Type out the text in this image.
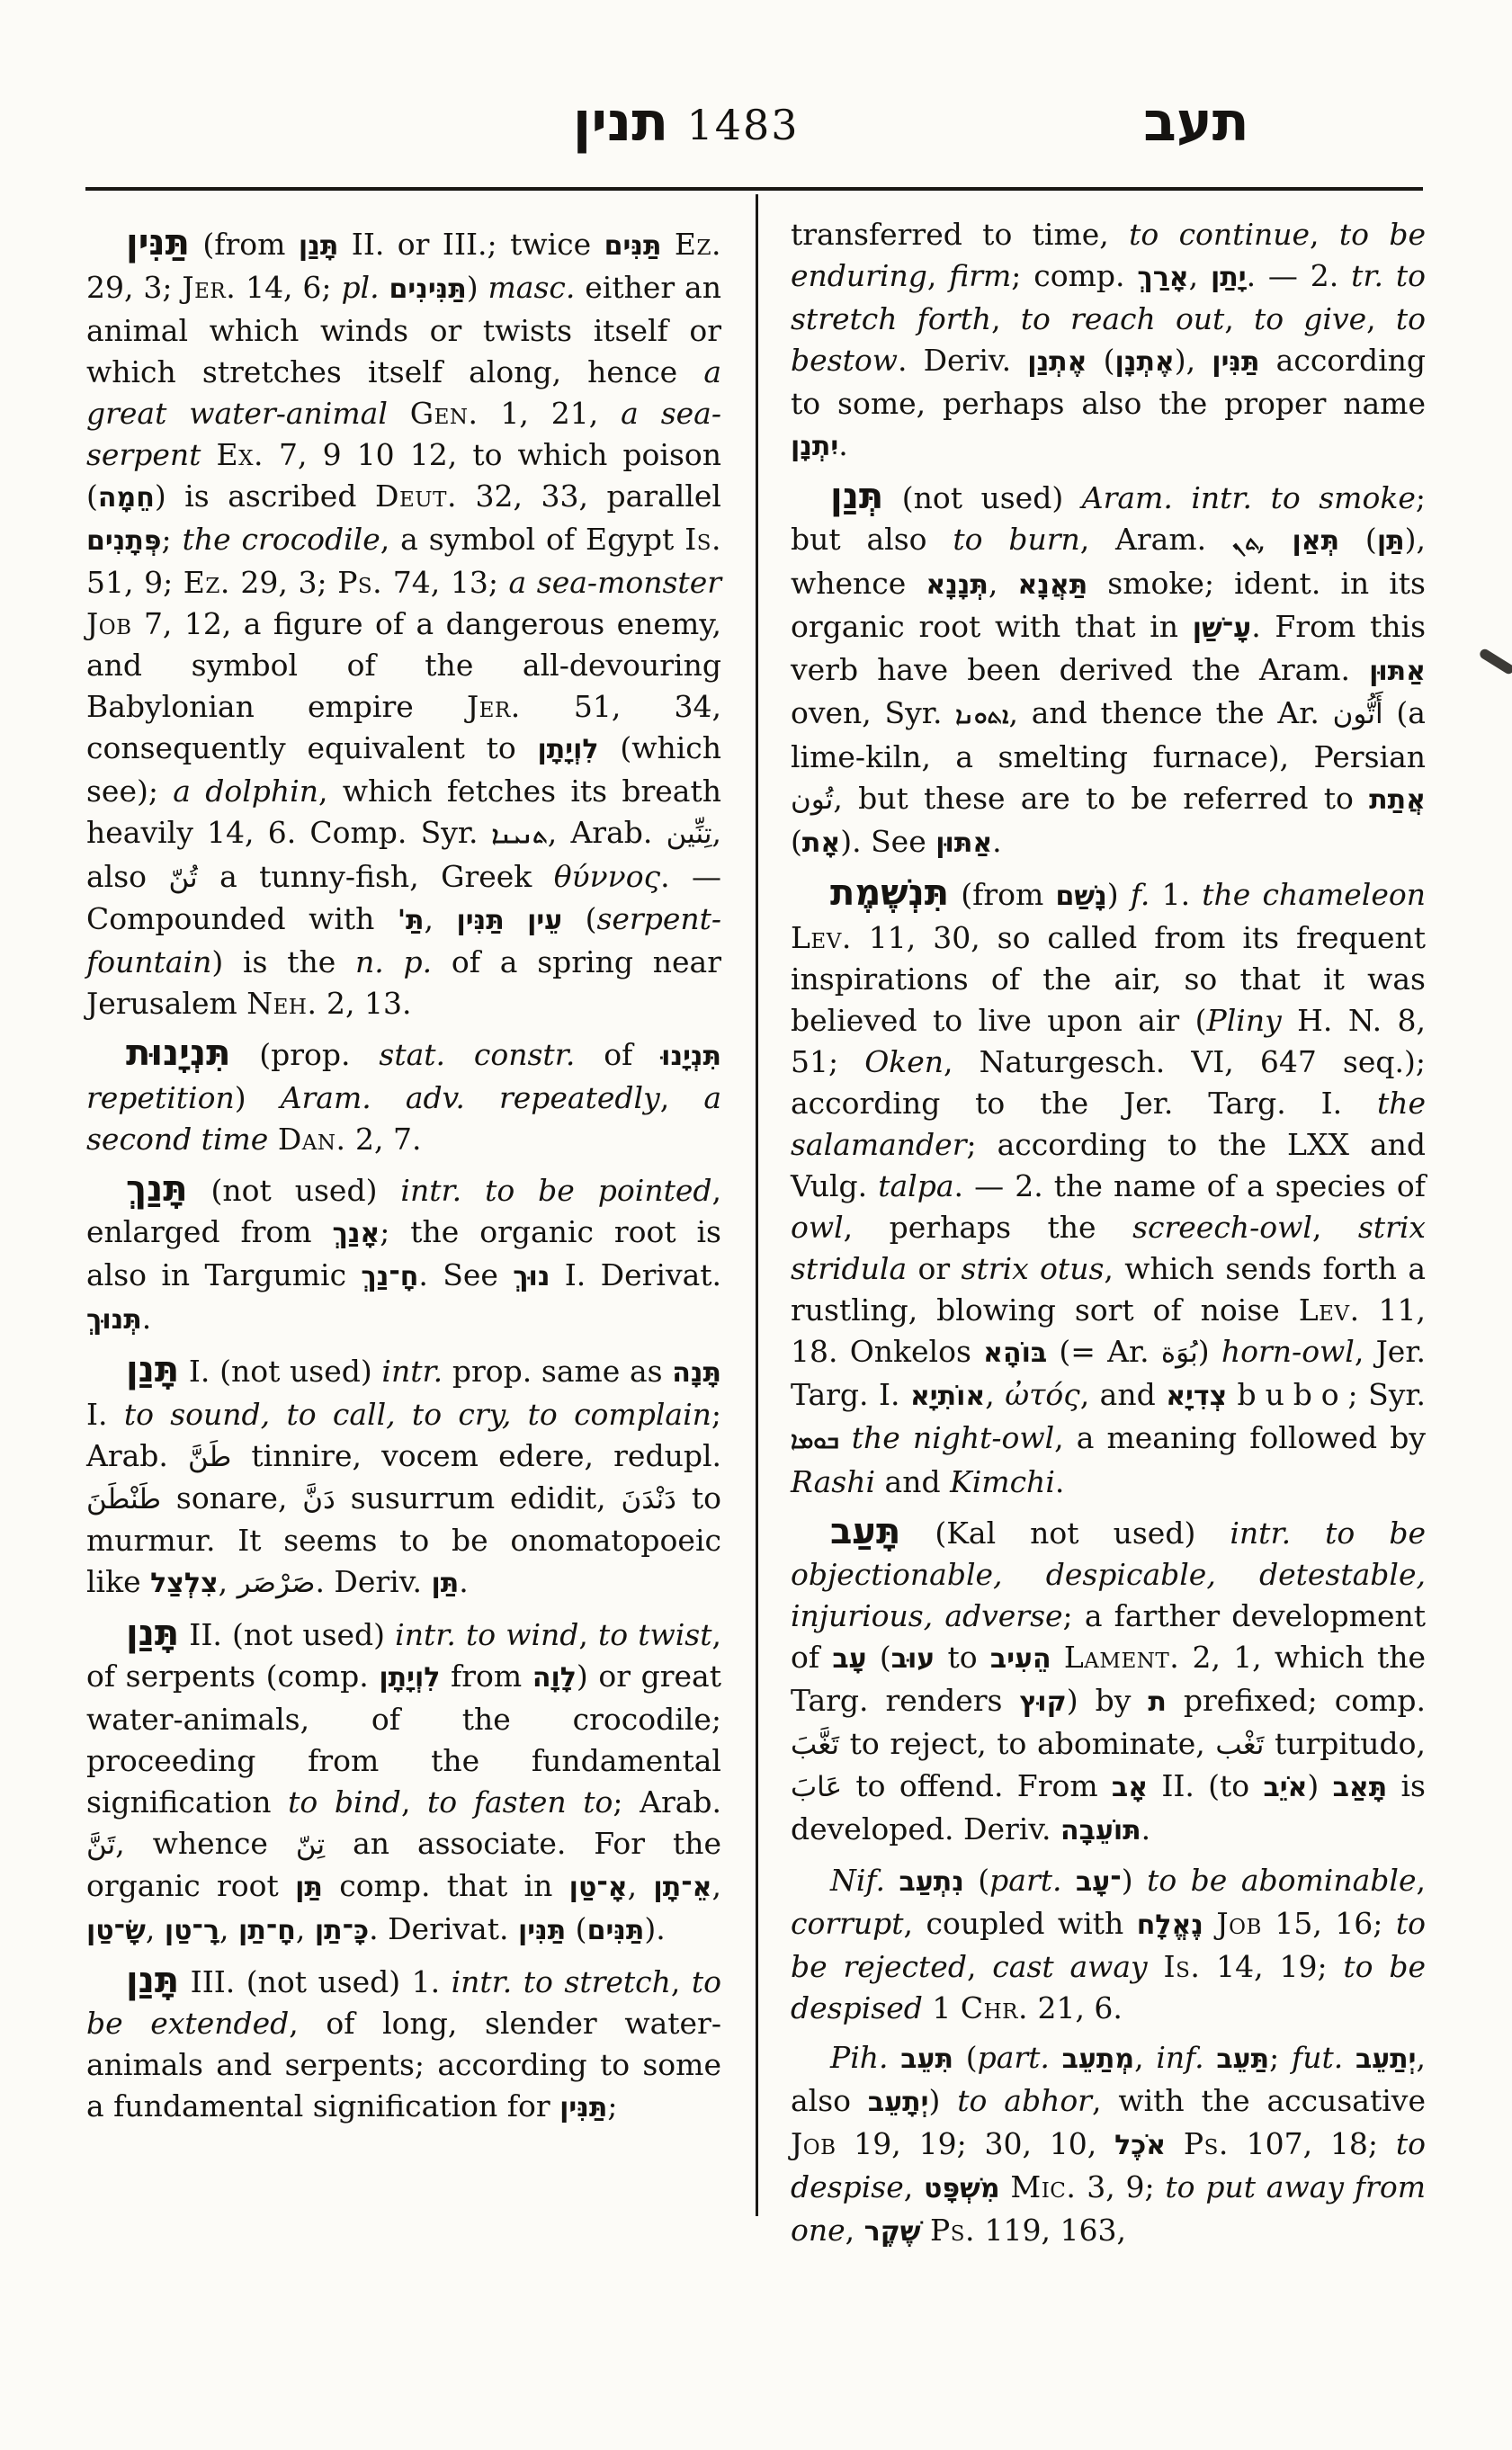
תנין 1483	תעב

תַּנִּין (from תָּנַן II. or III.; twice תַּנִּים Ez. 29, 3; Jer. 14, 6; pl. תַּנִּינִים) masc. either an animal which winds or twists itself or which stretches itself along, hence a great water-animal Gen. 1, 21, a sea-serpent Ex. 7, 9 10 12, to which poison (חֵמָה) is ascribed Deut. 32, 33, parallel פְּתָנִים; the crocodile, a symbol of Egypt Is. 51, 9; Ez. 29, 3; Ps. 74, 13; a sea-monster Job 7, 12, a figure of a dangerous enemy, and symbol of the all-devouring Babylonian empire Jer. 51, 34, consequently equivalent to לִוְיָתָן (which see); a dolphin, which fetches its breath heavily 14, 6. Comp. Syr. ܬܢܝܢܐ, Arab. تِنِّين, also تُنّ a tunny-fish, Greek θύννος. — Compounded with תַּ', עֵין תַּנִּין (serpent-fountain) is the n. p. of a spring near Jerusalem Neh. 2, 13.

תִּנְיָנוּת (prop. stat. constr. of תִּנְיָנוּ repetition) Aram. adv. repeatedly, a second time Dan. 2, 7.

תָּנַךְ (not used) intr. to be pointed, enlarged from אָנַךְ; the organic root is also in Targumic חָ־נַךְ. See נוּךְ I. Derivat. תְּנוּךְ.

תָּנַן I. (not used) intr. prop. same as תָּנָה I. to sound, to call, to cry, to complain; Arab. طَنَّ tinnire, vocem edere, redupl. طَنْطَنَ sonare, دَنَّ susurrum edidit, دَنْدَنَ to murmur. It seems to be onomatopoeic like צִלְצַל, صَرْصَر. Deriv. תַּן.

תָּנַן II. (not used) intr. to wind, to twist, of serpents (comp. לִוְיָתָן from לָוָה) or great water-animals, of the crocodile; proceeding from the fundamental signification to bind, to fasten to; Arab. تَنَّ, whence تِنّ an associate. For the organic root תַּן comp. that in אָ־טַן, אֵ־תָן, שָׂ־טַן, רָ־טַן, חָ־תַן, כָּ־תַן. Derivat. תַּנִּין (תַּנִּים).

תָּנַן III. (not used) 1. intr. to stretch, to be extended, of long, slender water-animals and serpents; according to some a fundamental signification for תַּנִּין;

transferred to time, to continue, to be enduring, firm; comp. אָרַךְ, יָתַן. — 2. tr. to stretch forth, to reach out, to give, to bestow. Deriv. אֶתְנַן (אֶתְנָן), תַּנִּין according to some, perhaps also the proper name יִתְנָן.

תְּנַן (not used) Aram. intr. to smoke; but also to burn, Aram. ܬܢ, תְּאַן (תַּן), whence תְּנָנָא, תַּאֲנָא smoke; ident. in its organic root with that in עָ־שַׁן. From this verb have been derived the Aram. אַתּוּן oven, Syr. ܐܬܘܢܐ, and thence the Ar. أَتُّون (a lime-kiln, a smelting furnace), Persian تُون, but these are to be referred to אֲתַת (אָת). See אַתּוּן.

תִּנְשֶׁמֶת (from נָשַׁם) f. 1. the chameleon Lev. 11, 30, so called from its frequent inspirations of the air, so that it was believed to live upon air (Pliny H. N. 8, 51; Oken, Naturgesch. VI, 647 seq.); according to the Jer. Targ. I. the salamander; according to the LXX and Vulg. talpa. — 2. the name of a species of owl, perhaps the screech-owl, strix stridula or strix otus, which sends forth a rustling, blowing sort of noise Lev. 11, 18. Onkelos בּוֹהָא (= Ar. بُوَة) horn-owl, Jer. Targ. I. אוֹתִיָא, ὠτός, and צְדִיָא bubo; Syr. ܒܘܡܐ the night-owl, a meaning followed by Rashi and Kimchi.

תָּעַב (Kal not used) intr. to be objectionable, despicable, detestable, injurious, adverse; a farther development of עָב (עוּב to הֵעִיב Lament. 2, 1, which the Targ. renders קוּץ) by ת prefixed; comp. تَغَّبَ to reject, to abominate, تَغْب turpitudo, عَابَ to offend. From אָב II. (to אֹיֵב) תָּאַב is developed. Deriv. תּוֹעֵבָה.

Nif. נִתְעַב (part. ־עָב) to be abominable, corrupt, coupled with נֶאֱלָח Job 15, 16; to be rejected, cast away Is. 14, 19; to be despised 1 Chr. 21, 6.

Pih. תִּעֵב (part. מְתַעֵב, inf. תַּעֵב; fut. יְתַעֵב, also יְתָעֵב) to abhor, with the accusative Job 19, 19; 30, 10, אֹכֶל Ps. 107, 18; to despise, מִשְׁפָּט Mic. 3, 9; to put away from one, שֶׁקֶר Ps. 119, 163,
